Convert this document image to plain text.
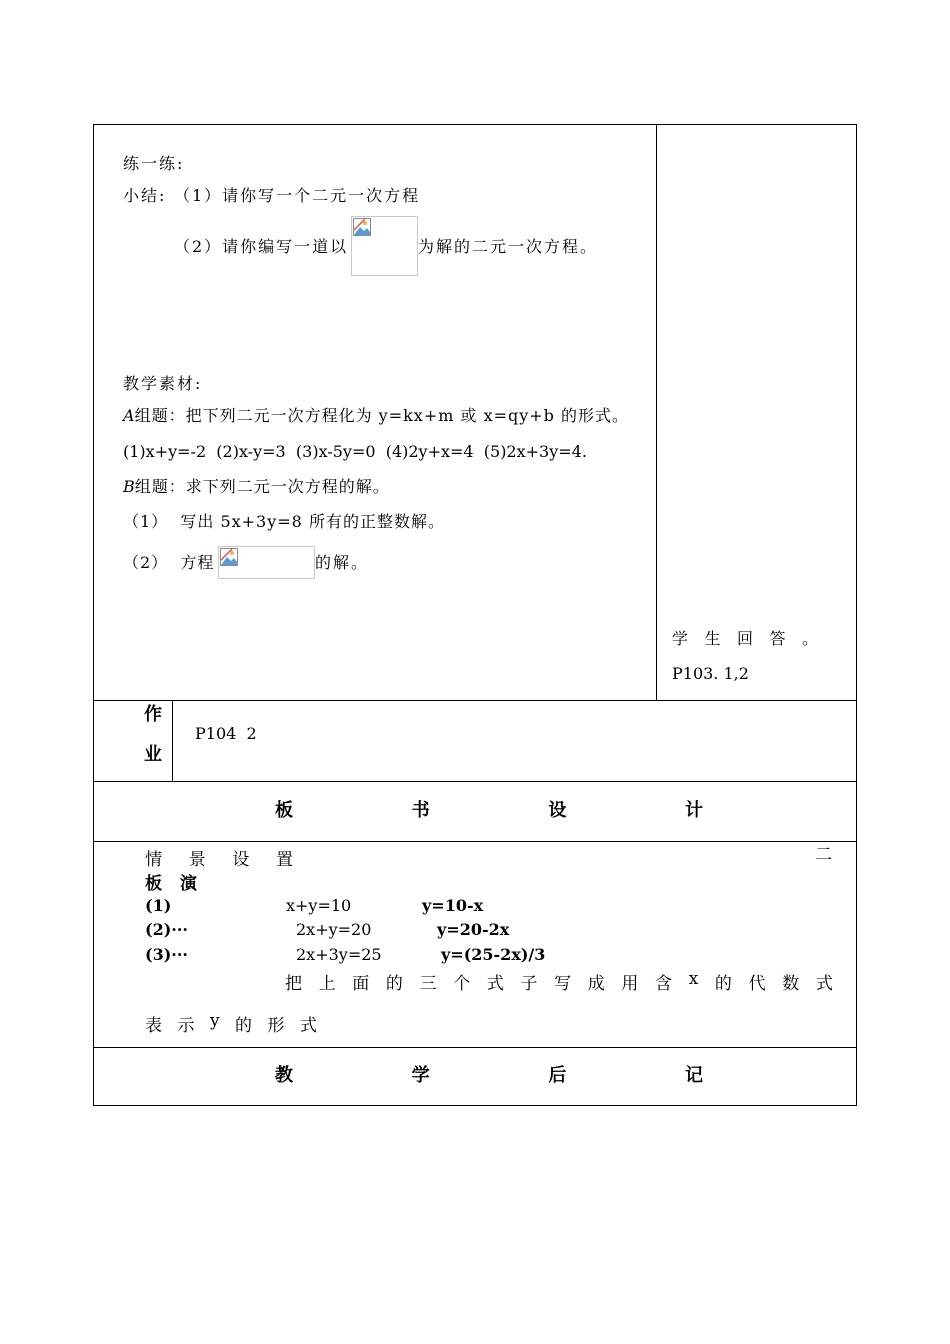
练一练:
小结: （1）请你写一个二元一次方程
（2）请你编写一道以	为解的二元一次方程。
教学素材:
A组题：把下列二元一次方程化为 y=kx+m 或 x=qy+b 的形式。
(1)x+y=-2  (2)x-y=3  (3)x-5y=0  (4)2y+x=4  (5)2x+3y=4.
B组题：求下列二元一次方程的解。
（1）  写出 5x+3y=8 所有的正整数解。
（2）  方程	的解。
学 生 回 答 。
P103. 1,2
作
业
P104  2
板	书	设	计
情 景 设 置	二
板 演
(1)	x+y=10	y=10-x
(2)···	2x+y=20	y=20-2x
(3)···	2x+3y=25	y=(25-2x)/3
把 上 面 的 三 个 式 子 写 成 用 含 x 的 代 数 式
表 示 y 的 形 式
教	学	后	记
